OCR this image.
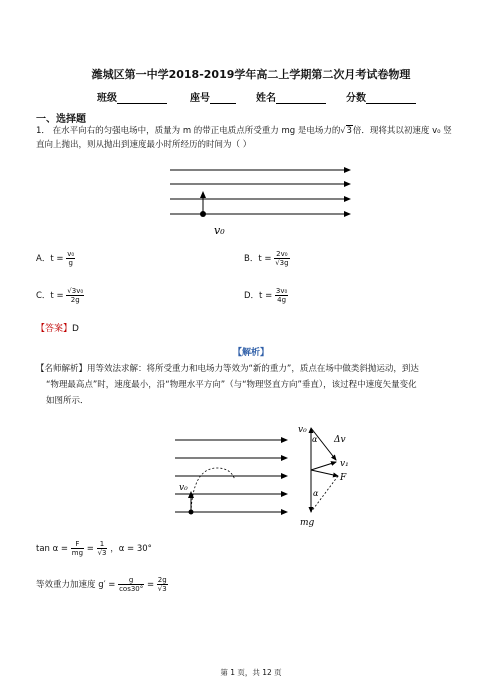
潍城区第一中学2018-2019学年高二上学期第二次月考试卷物理
班级	座号	姓名	分数
一、选择题
1． 在水平向右的匀强电场中，质量为 m 的带正电质点所受重力 mg 是电场力的√3倍．现将其以初速度 v₀ 竖
直向上抛出，则从抛出到速度最小时所经历的时间为（ ）
v₀
A．$t = \frac{\text{v₀}}{g}$	B．$t = \frac{\text{2v₀}}{√3g}$
C．$t = \frac{\text{√3v₀}}{2g}$	D．$t = \frac{\text{3v₀}}{4g}$
【答案】D
【解析】
【名师解析】用等效法求解：将所受重力和电场力等效为“新的重力”，质点在场中做类斜抛运动，到达
“物理最高点”时，速度最小，沿“物理水平方向”（与“物理竖直方向”垂直），该过程中速度矢量变化
如图所示．
v₀
v₀
α Δv
v₁
F
α
mg
$\tan \alpha = \frac{F}{mg} = \frac{1}{√3}$ ，α = 30°
等效重力加速度 $g' = \frac{g}{\cos 30^\circ} = \frac{2g}{√3}$
第 1 页，共 12 页
